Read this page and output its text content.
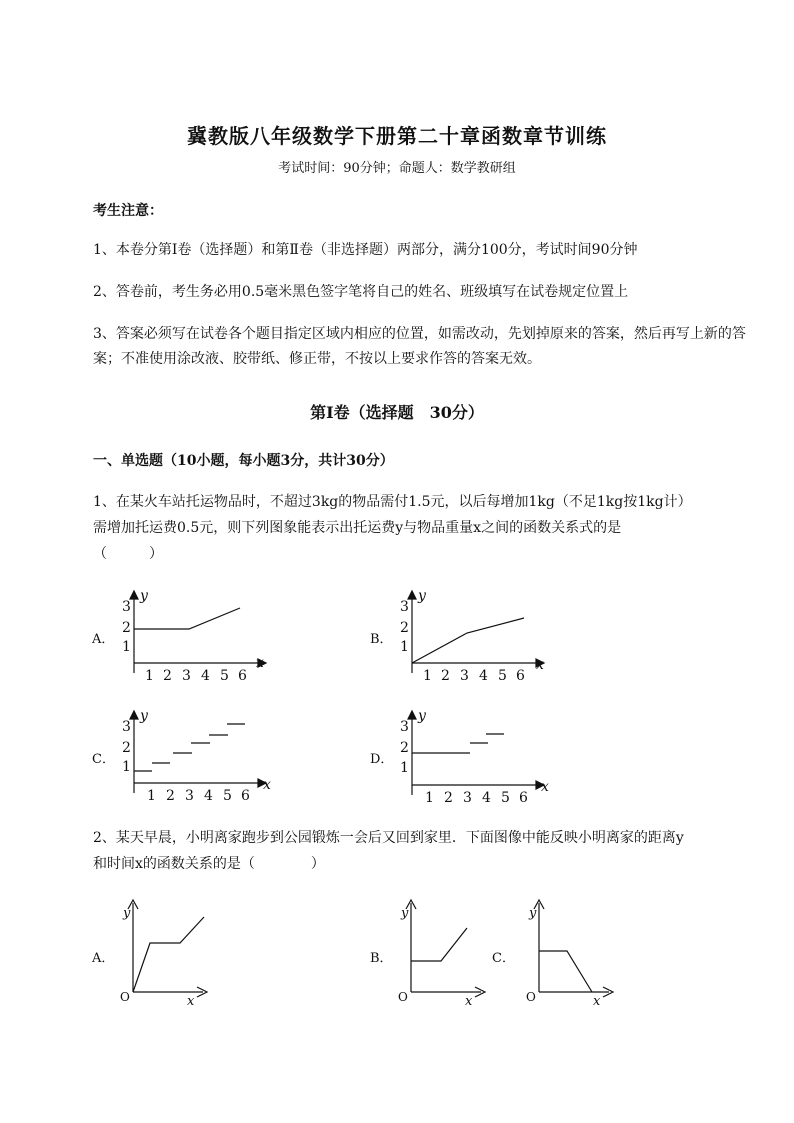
冀教版八年级数学下册第二十章函数章节训练
考试时间：90分钟；命题人：数学教研组
考生注意：
1、本卷分第I卷（选择题）和第Ⅱ卷（非选择题）两部分，满分100分，考试时间90分钟
2、答卷前，考生务必用0.5毫米黑色签字笔将自己的姓名、班级填写在试卷规定位置上
3、答案必须写在试卷各个题目指定区域内相应的位置，如需改动，先划掉原来的答案，然后再写上新的答案；不准使用涂改液、胶带纸、修正带，不按以上要求作答的答案无效。
第I卷（选择题　30分）
一、单选题（10小题，每小题3分，共计30分）
1、在某火车站托运物品时，不超过3kg的物品需付1.5元，以后每增加1kg（不足1kg按1kg计）
需增加托运费0.5元，则下列图象能表示出托运费y与物品重量x之间的函数关系式的是
（　　　）
A．	B．
C．	D．
y
x
3
2
1
1 2 3 4 5 6
y
x
3
2
1
1 2 3 4 5 6
y
x
3
2
1
1 2 3 4 5 6
y
x
3
2
1
1 2 3 4 5 6
2、某天早晨，小明离家跑步到公园锻炼一会后又回到家里．下面图像中能反映小明离家的距离y
和时间x的函数关系的是（　　　　）
A．	B．	C．
y
O	x
y
O	x
y
O	x
